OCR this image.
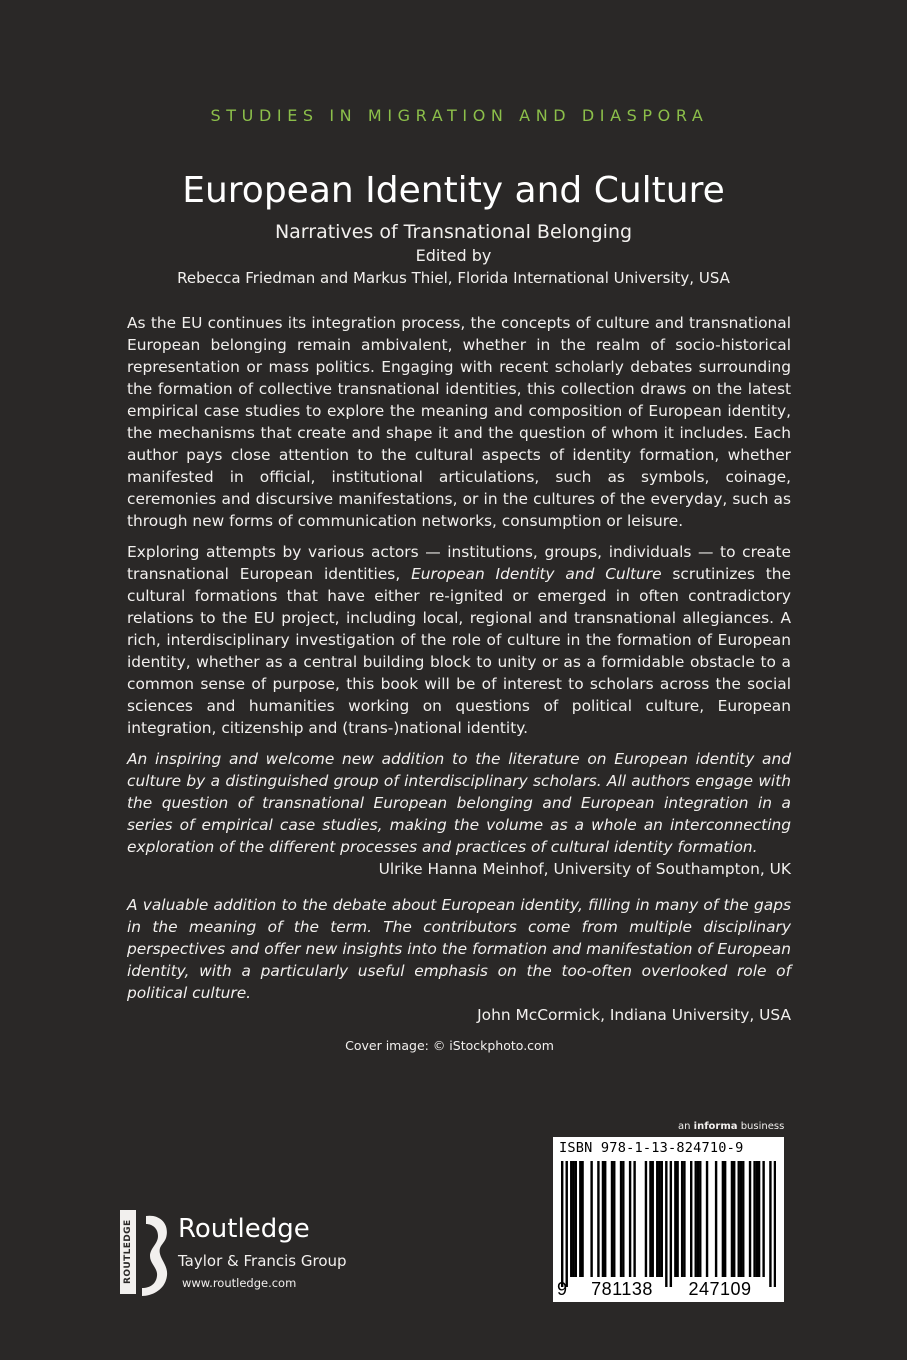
STUDIES IN MIGRATION AND DIASPORA
European Identity and Culture
Narratives of Transnational Belonging
Edited by
Rebecca Friedman and Markus Thiel, Florida International University, USA

As the EU continues its integration process, the concepts of culture and transnational European belonging remain ambivalent, whether in the realm of socio-historical representation or mass politics. Engaging with recent scholarly debates surrounding the formation of collective transnational identities, this collection draws on the latest empirical case studies to explore the meaning and composition of European identity, the mechanisms that create and shape it and the question of whom it includes. Each author pays close attention to the cultural aspects of identity formation, whether manifested in official, institutional articulations, such as symbols, coinage, ceremonies and discursive manifestations, or in the cultures of the everyday, such as through new forms of communication networks, consumption or leisure.

Exploring attempts by various actors — institutions, groups, individuals — to create transnational European identities, European Identity and Culture scrutinizes the cultural formations that have either re-ignited or emerged in often contradictory relations to the EU project, including local, regional and transnational allegiances. A rich, interdisciplinary investigation of the role of culture in the formation of European identity, whether as a central building block to unity or as a formidable obstacle to a common sense of purpose, this book will be of interest to scholars across the social sciences and humanities working on questions of political culture, European integration, citizenship and (trans-)national identity.

An inspiring and welcome new addition to the literature on European identity and culture by a distinguished group of interdisciplinary scholars. All authors engage with the question of transnational European belonging and European integration in a series of empirical case studies, making the volume as a whole an interconnecting exploration of the different processes and practices of cultural identity formation.

Ulrike Hanna Meinhof, University of Southampton, UK

A valuable addition to the debate about European identity, filling in many of the gaps in the meaning of the term. The contributors come from multiple disciplinary perspectives and offer new insights into the formation and manifestation of European identity, with a particularly useful emphasis on the too-often overlooked role of political culture.

John McCormick, Indiana University, USA
Cover image: © iStockphoto.com
ROUTLEDGE Routledge
Taylor & Francis Group
www.routledge.com
an informa business
ISBN 978-1-13-824710-9
9	781138	247109
